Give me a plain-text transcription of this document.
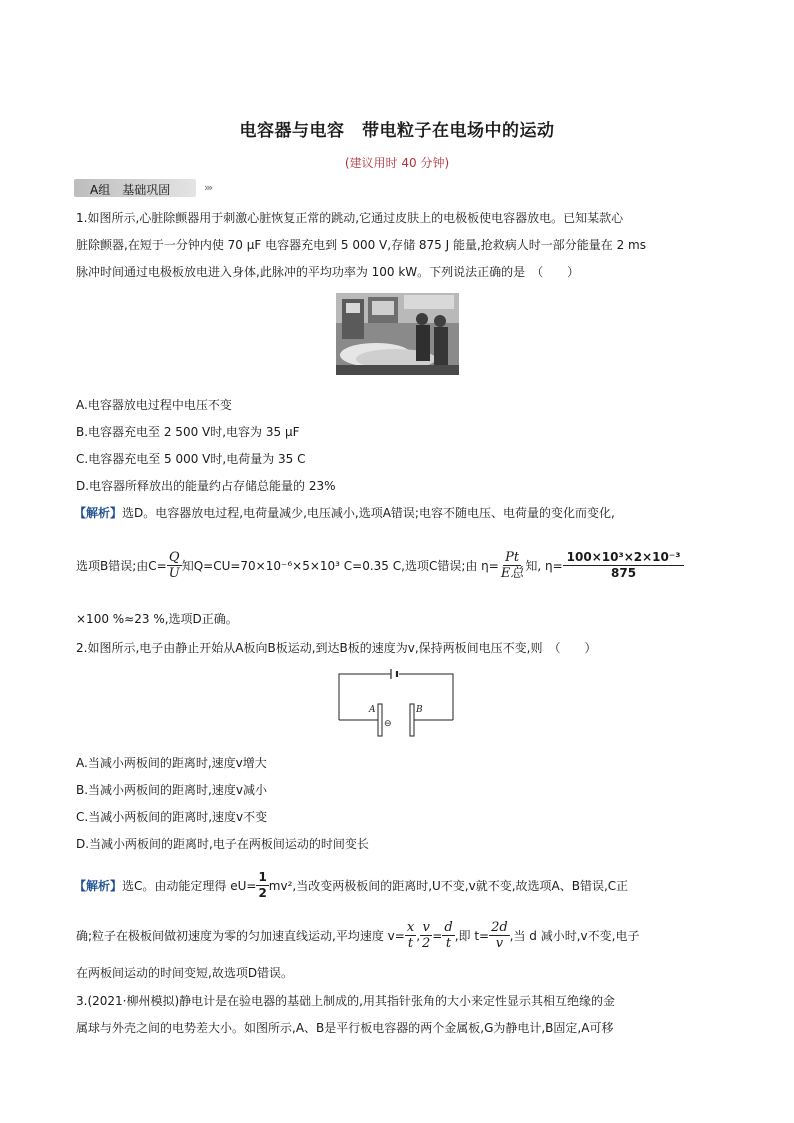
电容器与电容　带电粒子在电场中的运动
(建议用时 40 分钟)
A组　基础巩固	›››
1.如图所示,心脏除颤器用于刺激心脏恢复正常的跳动,它通过皮肤上的电极板使电容器放电。已知某款心
脏除颤器,在短于一分钟内使 70 μF 电容器充电到 5 000 V,存储 875 J 能量,抢救病人时一部分能量在 2 ms
脉冲时间通过电极板放电进入身体,此脉冲的平均功率为 100 kW。下列说法正确的是　（　　）
A.电容器放电过程中电压不变
B.电容器充电至 2 500 V时,电容为 35 μF
C.电容器充电至 5 000 V时,电荷量为 35 C
D.电容器所释放出的能量约占存储总能量的 23%
【解析】选D。电容器放电过程,电荷量减少,电压减小,选项A错误;电容不随电压、电荷量的变化而变化,
选项B错误;由$C= \frac{Q}{U}$ 知Q=CU=70×10⁻⁶×5×10³ C=0.35 C,选项C错误;由 $\eta= \frac{Pt}{\text{E总}}$ 知, $\eta= \frac{\text{100×10³×2×10⁻³}}{875}$
×100 %≈23 %,选项D正确。
2.如图所示,电子由静止开始从A板向B板运动,到达B板的速度为v,保持两板间电压不变,则　（　　）
A	B
⊖
A.当减小两板间的距离时,速度v增大
B.当减小两板间的距离时,速度v减小
C.当减小两板间的距离时,速度v不变
D.当减小两板间的距离时,电子在两板间运动的时间变长
【解析】 选C。由动能定理得 $eU= \frac{1}{2} mv^2$,当改变两极板间的距离时,U不变,v就不变,故选项A、B错误,C正
确;粒子在极板间做初速度为零的匀加速直线运动,平均速度 $v= \frac{x}{t}$ , $\frac{v}{2} = \frac{d}{t}$ ,即 $t= \frac{2d}{v}$ ,当 d 减小时,v不变,电子
在两板间运动的时间变短,故选项D错误。
3.(2021·柳州模拟)静电计是在验电器的基础上制成的,用其指针张角的大小来定性显示其相互绝缘的金
属球与外壳之间的电势差大小。如图所示,A、B是平行板电容器的两个金属板,G为静电计,B固定,A可移
